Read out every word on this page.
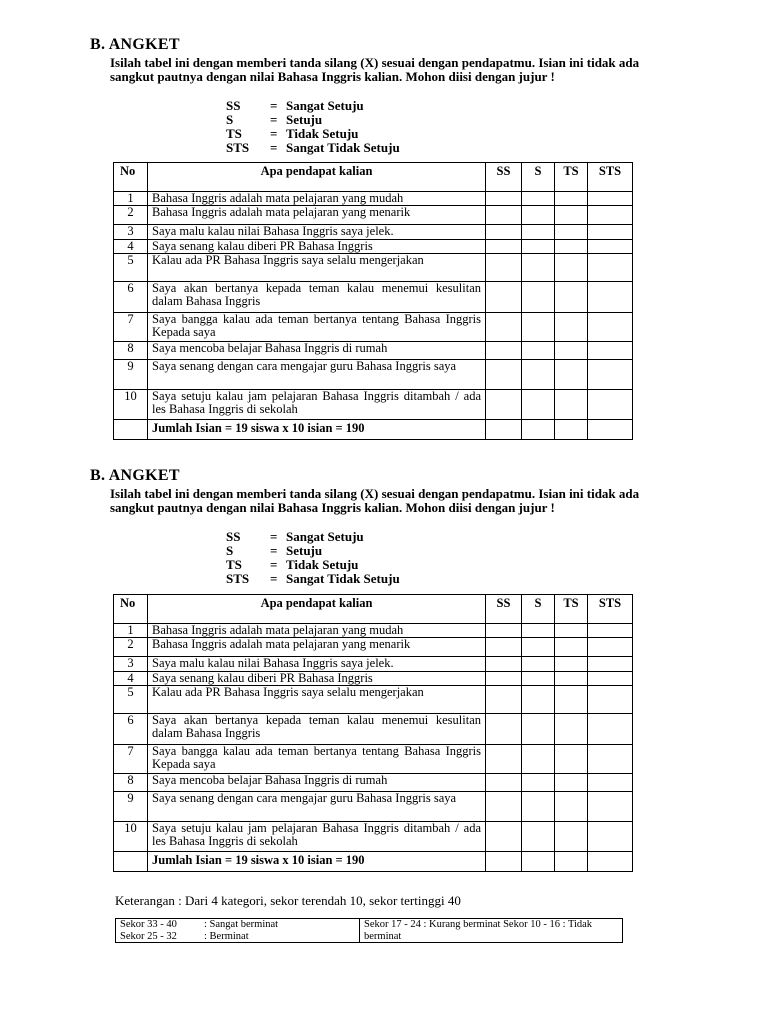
B. ANGKET
Isilah tabel ini dengan memberi tanda silang (X) sesuai dengan pendapatmu. Isian ini tidak ada sangkut pautnya dengan nilai Bahasa Inggris kalian. Mohon diisi dengan jujur !
SS = Sangat Setuju
S	= Setuju
TS = Tidak Setuju
STS = Sangat Tidak Setuju
No	Apa pendapat kalian	SS	S	TS	STS
1	Bahasa Inggris adalah mata pelajaran yang mudah				
2	Bahasa Inggris adalah mata pelajaran yang menarik				
3	Saya malu kalau nilai Bahasa Inggris saya jelek.				
4	Saya senang kalau diberi PR Bahasa Inggris				
5	Kalau ada PR Bahasa Inggris saya selalu mengerjakan				
6	Saya akan bertanya kepada teman kalau menemui kesulitan dalam Bahasa Inggris				
7	Saya bangga kalau ada teman bertanya tentang Bahasa Inggris Kepada saya				
8	Saya mencoba belajar Bahasa Inggris di rumah				
9	Saya senang dengan cara mengajar guru Bahasa Inggris saya				
10	Saya setuju kalau jam pelajaran Bahasa Inggris ditambah / ada les Bahasa Inggris di sekolah				
	Jumlah Isian = 19 siswa x 10 isian = 190				
B. ANGKET
Isilah tabel ini dengan memberi tanda silang (X) sesuai dengan pendapatmu. Isian ini tidak ada sangkut pautnya dengan nilai Bahasa Inggris kalian. Mohon diisi dengan jujur !
SS = Sangat Setuju
S	= Setuju
TS = Tidak Setuju
STS = Sangat Tidak Setuju
No	Apa pendapat kalian	SS	S	TS	STS
1	Bahasa Inggris adalah mata pelajaran yang mudah				
2	Bahasa Inggris adalah mata pelajaran yang menarik				
3	Saya malu kalau nilai Bahasa Inggris saya jelek.				
4	Saya senang kalau diberi PR Bahasa Inggris				
5	Kalau ada PR Bahasa Inggris saya selalu mengerjakan				
6	Saya akan bertanya kepada teman kalau menemui kesulitan dalam Bahasa Inggris				
7	Saya bangga kalau ada teman bertanya tentang Bahasa Inggris Kepada saya				
8	Saya mencoba belajar Bahasa Inggris di rumah				
9	Saya senang dengan cara mengajar guru Bahasa Inggris saya				
10	Saya setuju kalau jam pelajaran Bahasa Inggris ditambah / ada les Bahasa Inggris di sekolah				
	Jumlah Isian = 19 siswa x 10 isian = 190				
Keterangan : Dari 4 kategori, sekor terendah 10, sekor tertinggi 40
Sekor 33 - 40	: Sangat berminat
Sekor 25 - 32	: Berminat
	Sekor 17 - 24 : Kurang berminat Sekor 10 - 16 : Tidak berminat
